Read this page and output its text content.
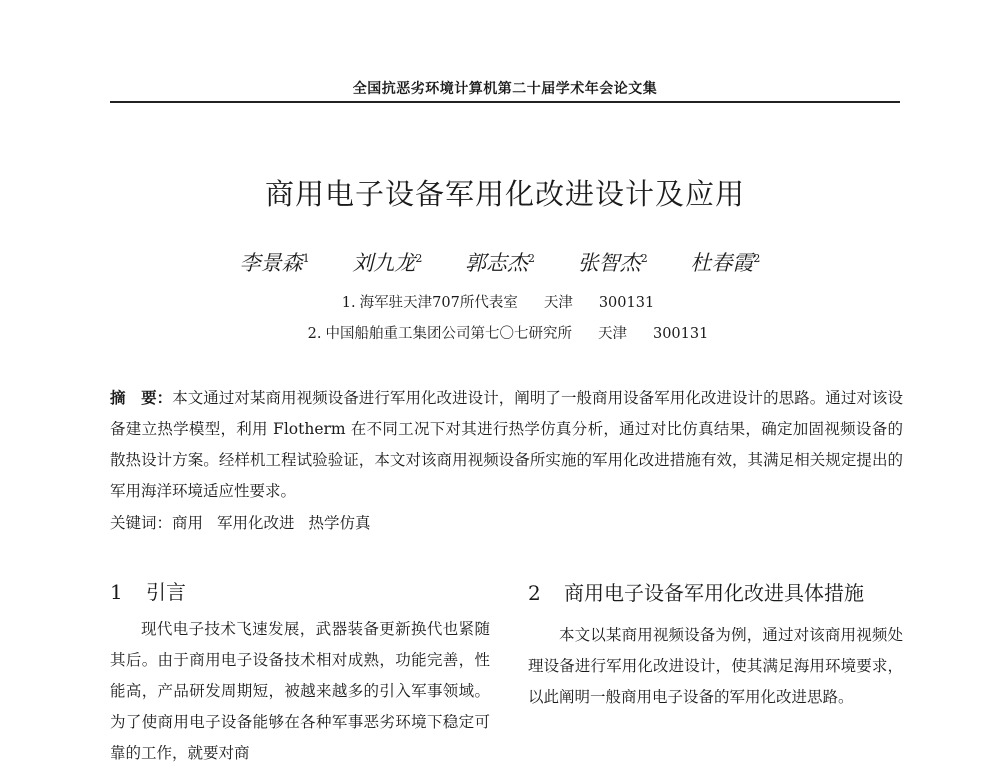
全国抗恶劣环境计算机第二十届学术年会论文集
商用电子设备军用化改进设计及应用
李景森$^1$ 刘九龙$^2$ 郭志杰$^2$ 张智杰$^2$ 杜春霞$^2$
1. 海军驻天津707所代表室 天津 300131
2. 中国船舶重工集团公司第七〇七研究所 天津 300131
摘　要：本文通过对某商用视频设备进行军用化改进设计，阐明了一般商用设备军用化改进设计的思路。通过对该设备建立热学模型，利用 Flotherm 在不同工况下对其进行热学仿真分析，通过对比仿真结果，确定加固视频设备的散热设计方案。经样机工程试验验证，本文对该商用视频设备所实施的军用化改进措施有效，其满足相关规定提出的军用海洋环境适应性要求。
关键词：商用 军用化改进 热学仿真
1 引言

现代电子技术飞速发展，武器装备更新换代也紧随其后。由于商用电子设备技术相对成熟，功能完善，性能高，产品研发周期短，被越来越多的引入军事领域。为了使商用电子设备能够在各种军事恶劣环境下稳定可靠的工作，就要对商

2 商用电子设备军用化改进具体措施

本文以某商用视频设备为例，通过对该商用视频处理设备进行军用化改进设计，使其满足海用环境要求，以此阐明一般商用电子设备的军用化改进思路。
